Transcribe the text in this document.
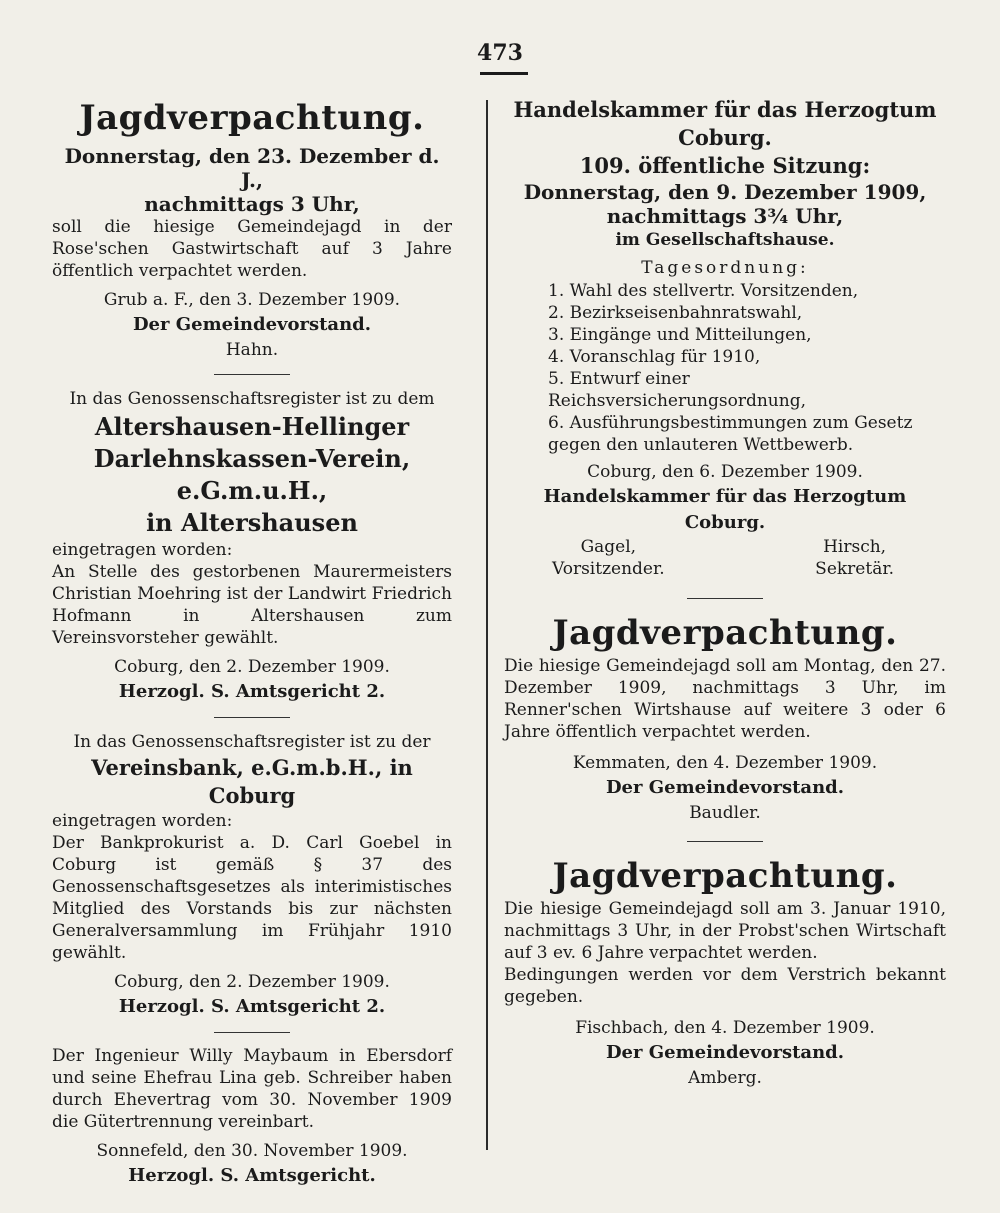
473

Jagdverpachtung.

Donnerstag, den 23. Dezember d. J.,

nachmittags 3 Uhr,

soll die hiesige Gemeindejagd in der Rose'schen Gastwirtschaft auf 3 Jahre öffentlich verpachtet werden.

Grub a. F., den 3. Dezember 1909.

Der Gemeindevorstand.

Hahn.

In das Genossenschaftsregister ist zu dem

Altershausen-Hellinger

Darlehnskassen-Verein, e.G.m.u.H.,

in Altershausen

eingetragen worden:

An Stelle des gestorbenen Maurermeisters Christian Moehring ist der Landwirt Friedrich Hofmann in Altershausen zum Vereinsvorsteher gewählt.

Coburg, den 2. Dezember 1909.

Herzogl. S. Amtsgericht 2.

In das Genossenschaftsregister ist zu der

Vereinsbank, e.G.m.b.H., in Coburg

eingetragen worden:

Der Bankprokurist a. D. Carl Goebel in Coburg ist gemäß § 37 des Genossenschaftsgesetzes als interimistisches Mitglied des Vorstands bis zur nächsten Generalversammlung im Frühjahr 1910 gewählt.

Coburg, den 2. Dezember 1909.

Herzogl. S. Amtsgericht 2.

Der Ingenieur Willy Maybaum in Ebersdorf und seine Ehefrau Lina geb. Schreiber haben durch Ehevertrag vom 30. November 1909 die Gütertrennung vereinbart.

Sonnefeld, den 30. November 1909.

Herzogl. S. Amtsgericht.

Handelskammer für das Herzogtum Coburg.

109. öffentliche Sitzung:

Donnerstag, den 9. Dezember 1909,

nachmittags 3¾ Uhr,

im Gesellschaftshause.

Tagesordnung:

1. Wahl des stellvertr. Vorsitzenden,
2. Bezirkseisenbahnratswahl,
3. Eingänge und Mitteilungen,
4. Voranschlag für 1910,
5. Entwurf einer Reichsversicherungsordnung,
6. Ausführungsbestimmungen zum Gesetz gegen den unlauteren Wettbewerb.

Coburg, den 6. Dezember 1909.

Handelskammer für das Herzogtum Coburg.

Gagel,
Vorsitzender.
Hirsch,
Sekretär.

Jagdverpachtung.

Die hiesige Gemeindejagd soll am Montag, den 27. Dezember 1909, nachmittags 3 Uhr, im Renner'schen Wirtshause auf weitere 3 oder 6 Jahre öffentlich verpachtet werden.

Kemmaten, den 4. Dezember 1909.

Der Gemeindevorstand.

Baudler.

Jagdverpachtung.

Die hiesige Gemeindejagd soll am 3. Januar 1910, nachmittags 3 Uhr, in der Probst'schen Wirtschaft auf 3 ev. 6 Jahre verpachtet werden.

Bedingungen werden vor dem Verstrich bekannt gegeben.

Fischbach, den 4. Dezember 1909.

Der Gemeindevorstand.

Amberg.
